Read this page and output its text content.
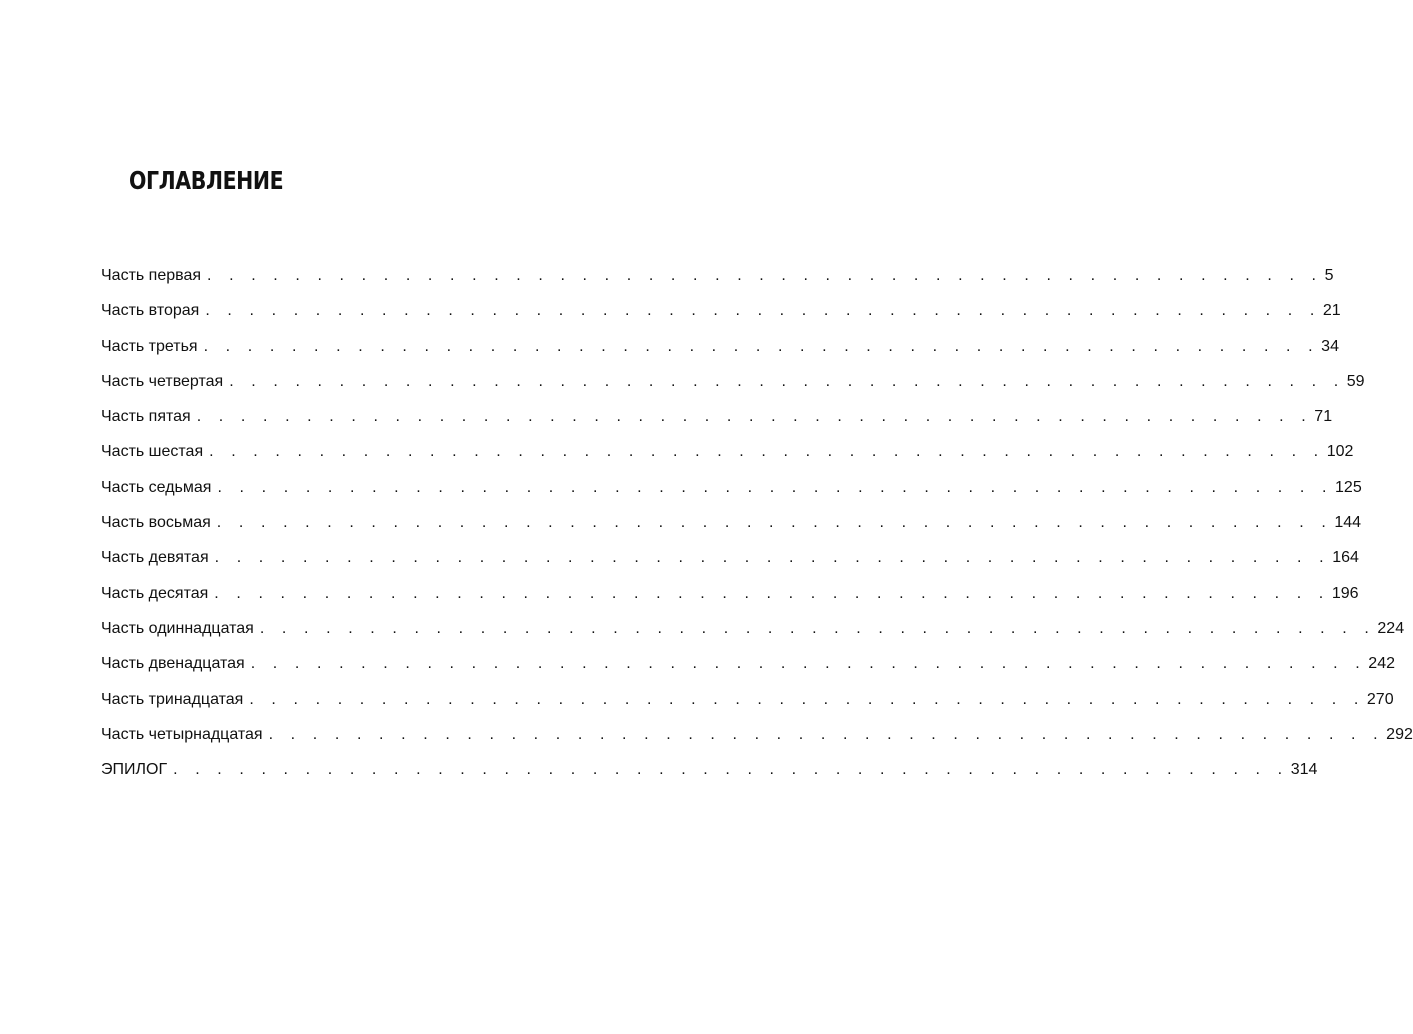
ОГЛАВЛЕНИЕ
Часть первая . . . . . . . . . . . . . . . . . . . . . . . . . . . . . . . . . . . . . . . . . . . . . . . . . . . 5
Часть вторая . . . . . . . . . . . . . . . . . . . . . . . . . . . . . . . . . . . . . . . . . . . . . . . . . . . 21
Часть третья . . . . . . . . . . . . . . . . . . . . . . . . . . . . . . . . . . . . . . . . . . . . . . . . . . . 34
Часть четвертая . . . . . . . . . . . . . . . . . . . . . . . . . . . . . . . . . . . . . . . . . . . . . . . . . . . 59
Часть пятая . . . . . . . . . . . . . . . . . . . . . . . . . . . . . . . . . . . . . . . . . . . . . . . . . . . 71
Часть шестая . . . . . . . . . . . . . . . . . . . . . . . . . . . . . . . . . . . . . . . . . . . . . . . . . . . 102
Часть седьмая . . . . . . . . . . . . . . . . . . . . . . . . . . . . . . . . . . . . . . . . . . . . . . . . . . . 125
Часть восьмая . . . . . . . . . . . . . . . . . . . . . . . . . . . . . . . . . . . . . . . . . . . . . . . . . . . 144
Часть девятая . . . . . . . . . . . . . . . . . . . . . . . . . . . . . . . . . . . . . . . . . . . . . . . . . . . 164
Часть десятая . . . . . . . . . . . . . . . . . . . . . . . . . . . . . . . . . . . . . . . . . . . . . . . . . . . 196
Часть одиннадцатая . . . . . . . . . . . . . . . . . . . . . . . . . . . . . . . . . . . . . . . . . . . . . . . . . . . 224
Часть двенадцатая . . . . . . . . . . . . . . . . . . . . . . . . . . . . . . . . . . . . . . . . . . . . . . . . . . . 242
Часть тринадцатая . . . . . . . . . . . . . . . . . . . . . . . . . . . . . . . . . . . . . . . . . . . . . . . . . . . 270
Часть четырнадцатая . . . . . . . . . . . . . . . . . . . . . . . . . . . . . . . . . . . . . . . . . . . . . . . . . . . 292
ЭПИЛОГ . . . . . . . . . . . . . . . . . . . . . . . . . . . . . . . . . . . . . . . . . . . . . . . . . . . 314
